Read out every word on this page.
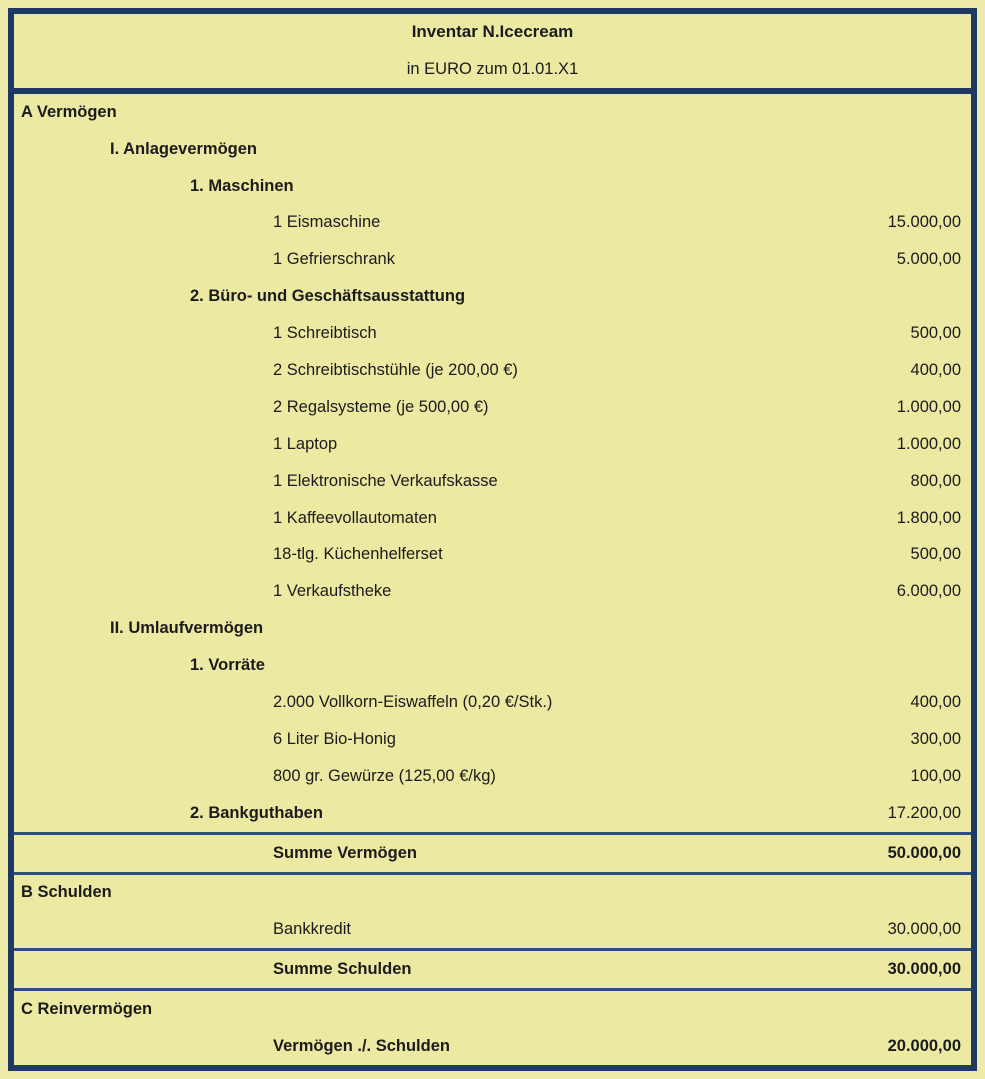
Inventar N.Icecream
in EURO zum 01.01.X1
A Vermögen
I. Anlagevermögen
1. Maschinen
1 Eismaschine	15.000,00
1 Gefrierschrank	5.000,00
2. Büro- und Geschäftsausstattung
1 Schreibtisch	500,00
2 Schreibtischstühle (je 200,00 €)	400,00
2 Regalsysteme (je 500,00 €)	1.000,00
1 Laptop	1.000,00
1 Elektronische Verkaufskasse	800,00
1 Kaffeevollautomaten	1.800,00
18-tlg. Küchenhelferset	500,00
1 Verkaufstheke	6.000,00
II. Umlaufvermögen
1. Vorräte
2.000 Vollkorn-Eiswaffeln (0,20 €/Stk.)	400,00
6 Liter Bio-Honig	300,00
800 gr. Gewürze (125,00 €/kg)	100,00
2. Bankguthaben	17.200,00
Summe Vermögen	50.000,00
B Schulden
Bankkredit	30.000,00
Summe Schulden	30.000,00
C Reinvermögen
Vermögen ./. Schulden	20.000,00
